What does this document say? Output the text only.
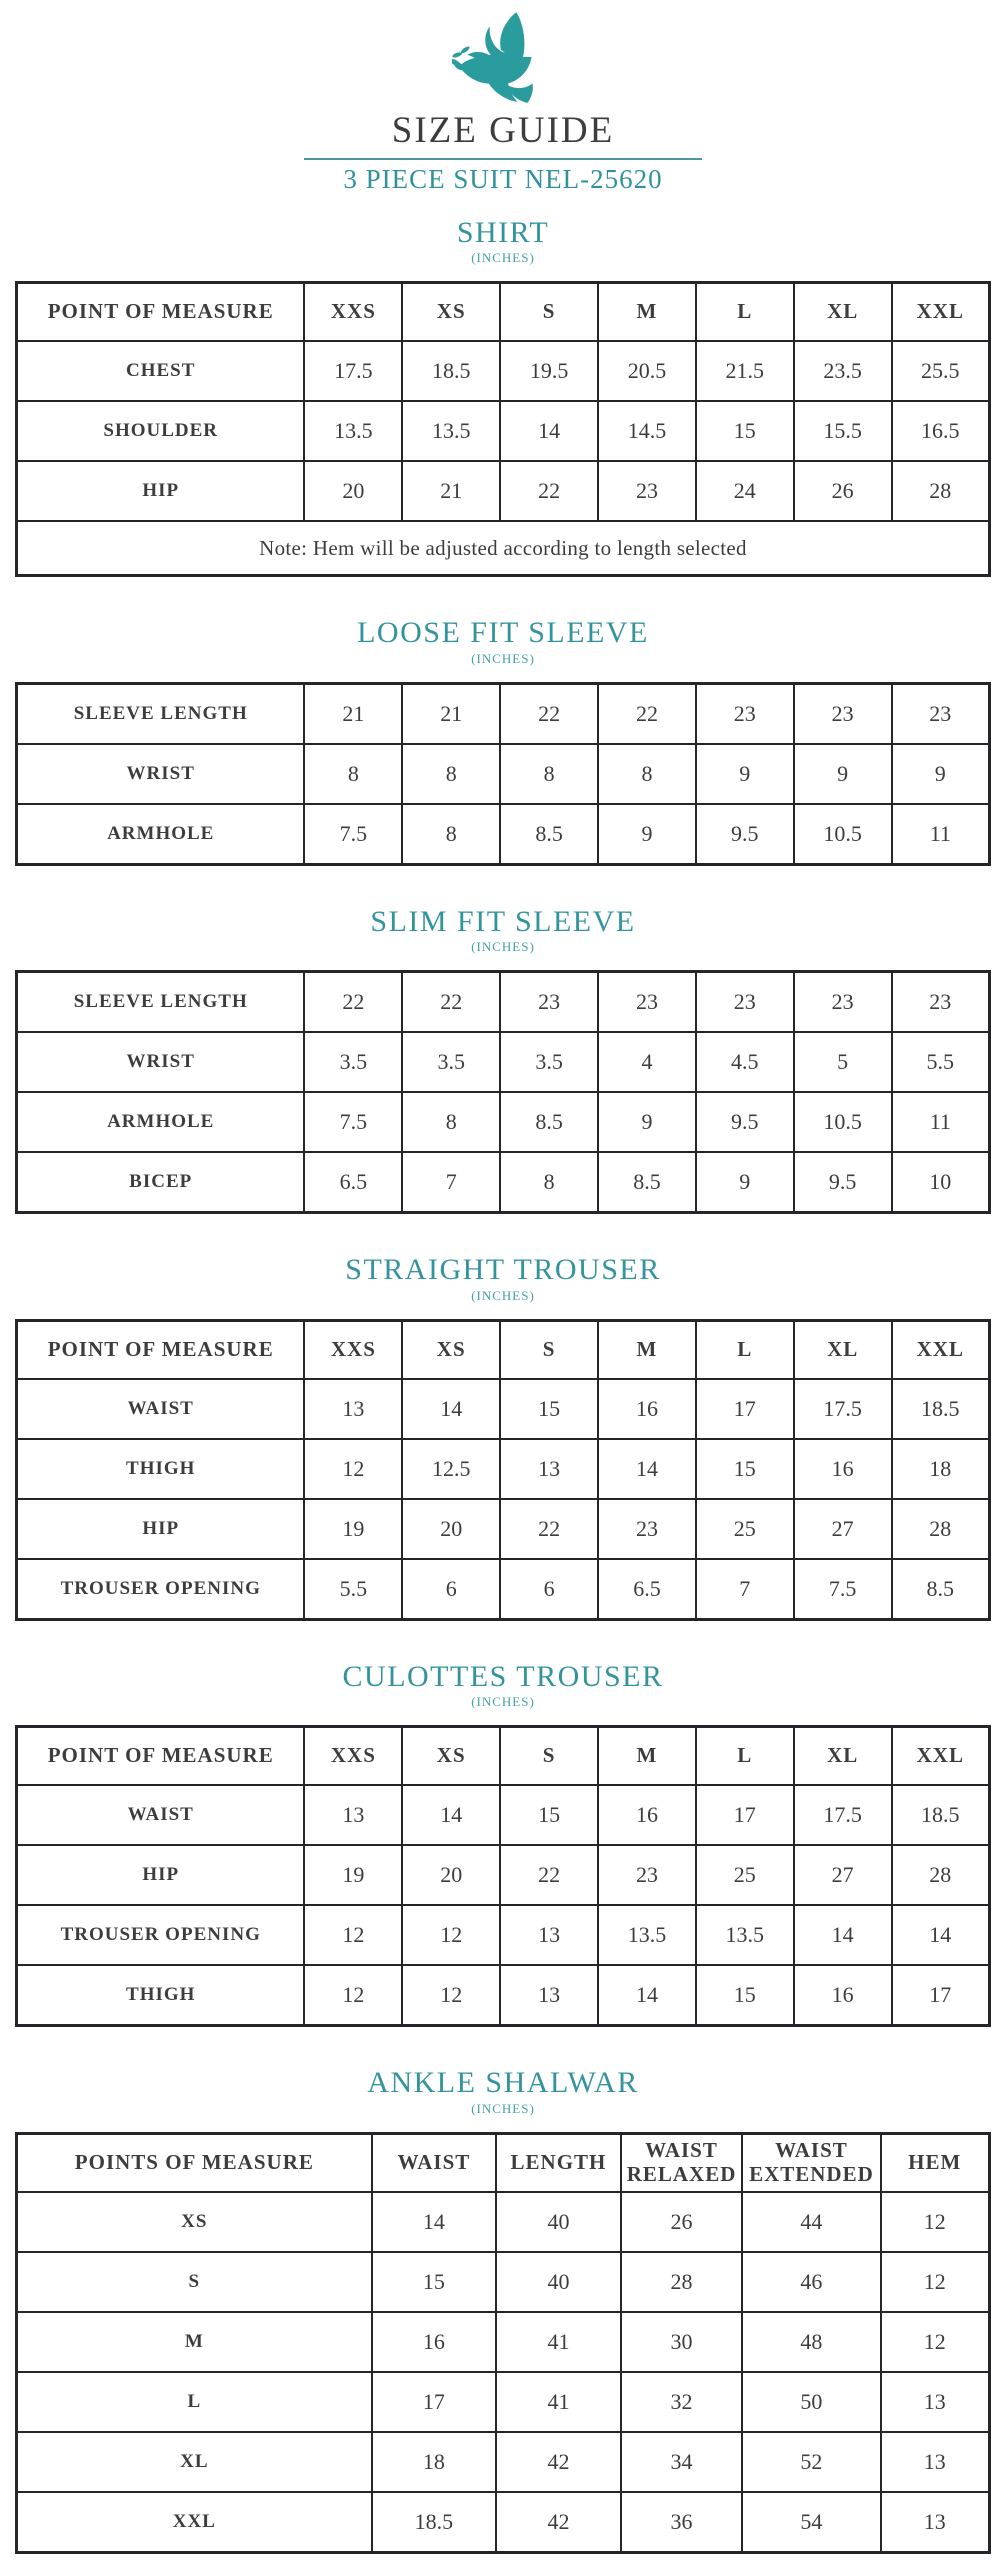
SIZE GUIDE
3 PIECE SUIT NEL-25620
SHIRT
(INCHES)
POINT OF MEASURE	XXS	XS	S	M	L	XL	XXL
CHEST	17.5	18.5	19.5	20.5	21.5	23.5	25.5
SHOULDER	13.5	13.5	14	14.5	15	15.5	16.5
HIP	20	21	22	23	24	26	28
Note: Hem will be adjusted according to length selected							
LOOSE FIT SLEEVE
(INCHES)
SLEEVE LENGTH	21	21	22	22	23	23	23
WRIST	8	8	8	8	9	9	9
ARMHOLE	7.5	8	8.5	9	9.5	10.5	11
SLIM FIT SLEEVE
(INCHES)
SLEEVE LENGTH	22	22	23	23	23	23	23
WRIST	3.5	3.5	3.5	4	4.5	5	5.5
ARMHOLE	7.5	8	8.5	9	9.5	10.5	11
BICEP	6.5	7	8	8.5	9	9.5	10
STRAIGHT TROUSER
(INCHES)
POINT OF MEASURE	XXS	XS	S	M	L	XL	XXL
WAIST	13	14	15	16	17	17.5	18.5
THIGH	12	12.5	13	14	15	16	18
HIP	19	20	22	23	25	27	28
TROUSER OPENING	5.5	6	6	6.5	7	7.5	8.5
CULOTTES TROUSER
(INCHES)
POINT OF MEASURE	XXS	XS	S	M	L	XL	XXL
WAIST	13	14	15	16	17	17.5	18.5
HIP	19	20	22	23	25	27	28
TROUSER OPENING	12	12	13	13.5	13.5	14	14
THIGH	12	12	13	14	15	16	17
ANKLE SHALWAR
(INCHES)
POINTS OF MEASURE	WAIST	LENGTH	WAIST RELAXED	WAIST EXTENDED	HEM
XS	14	40	26	44	12
S	15	40	28	46	12
M	16	41	30	48	12
L	17	41	32	50	13
XL	18	42	34	52	13
XXL	18.5	42	36	54	13
